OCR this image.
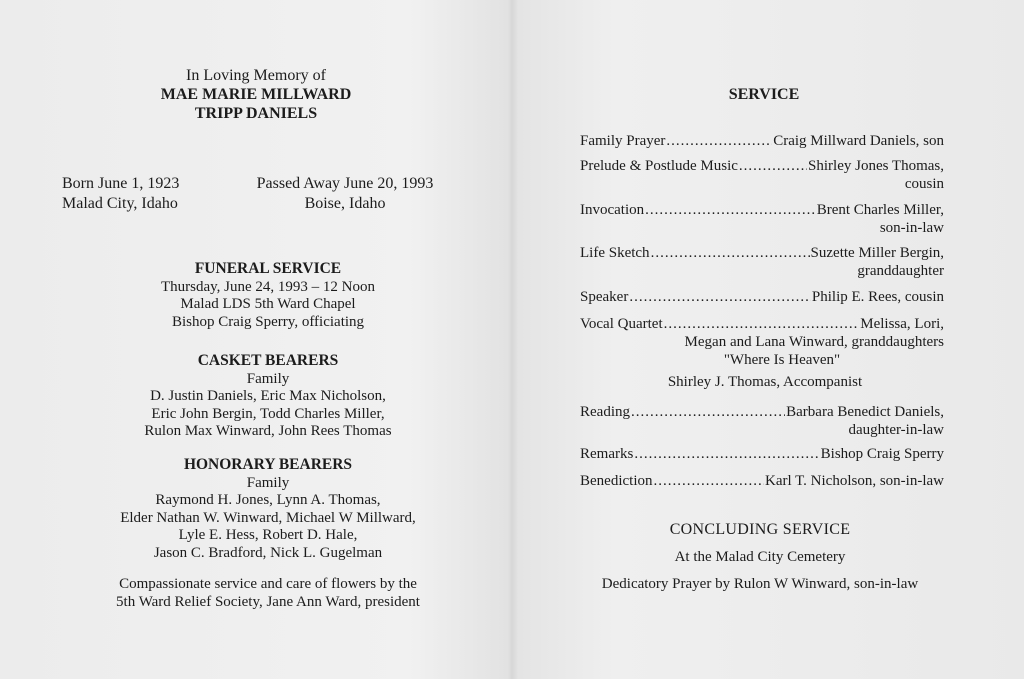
In Loving Memory of
MAE MARIE MILLWARD
TRIPP DANIELS
Born June 1, 1923
Malad City, Idaho
Passed Away June 20, 1993
Boise, Idaho
FUNERAL SERVICE
Thursday, June 24, 1993 – 12 Noon
Malad LDS 5th Ward Chapel
Bishop Craig Sperry, officiating
CASKET BEARERS
Family
D. Justin Daniels, Eric Max Nicholson,
Eric John Bergin, Todd Charles Miller,
Rulon Max Winward, John Rees Thomas
HONORARY BEARERS
Family
Raymond H. Jones, Lynn A. Thomas,
Elder Nathan W. Winward, Michael W Millward,
Lyle E. Hess, Robert D. Hale,
Jason C. Bradford, Nick L. Gugelman
Compassionate service and care of flowers by the
5th Ward Relief Society, Jane Ann Ward, president
SERVICE
Family Prayer .....	Craig Millward Daniels, son
Prelude & Postlude Music .....	Shirley Jones Thomas,
cousin
Invocation .....	Brent Charles Miller,
son-in-law
Life Sketch .....	Suzette Miller Bergin,
granddaughter
Speaker .....	Philip E. Rees, cousin
Vocal Quartet .....	Melissa, Lori,
Megan and Lana Winward, granddaughters
"Where Is Heaven"
Shirley J. Thomas, Accompanist
Reading .....	Barbara Benedict Daniels,
daughter-in-law
Remarks .....	Bishop Craig Sperry
Benediction .....	Karl T. Nicholson, son-in-law
CONCLUDING SERVICE
At the Malad City Cemetery
Dedicatory Prayer by Rulon W Winward, son-in-law
